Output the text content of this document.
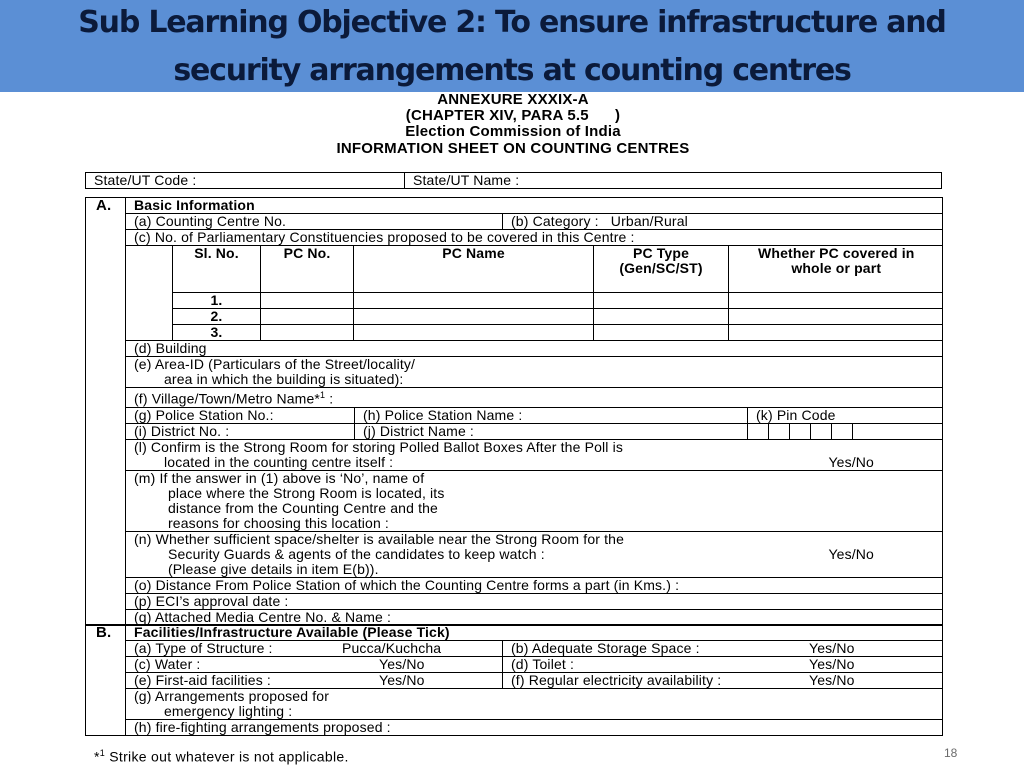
Sub Learning Objective 2: To ensure infrastructure and
security arrangements at counting centres
ANNEXURE XXXIX-A
(CHAPTER XIV, PARA 5.5      )
Election Commission of India
INFORMATION SHEET ON COUNTING CENTRES
State/UT Code :	State/UT Name :
A.	Basic Information

(a) Counting Centre No.	(b) Category :   Urban/Rural

(c) No. of Parliamentary Constituencies proposed to be covered in this Centre :

Sl. No.	PC No.	PC Name	PC Type (Gen/SC/ST)	Whether PC covered in whole or part
1.				
2.				
3.				

(d) Building

(e) Area-ID (Particulars of the Street/locality/
area in which the building is situated):

(f) Village/Town/Metro Name*$^1$ :

(g) Police Station No.:	(h) Police Station Name :	(k) Pin Code

(i) District No. :	(j) District Name :						

(l) Confirm is the Strong Room for storing Polled Ballot Boxes After the Poll is
located in the counting centre itself :	Yes/No

(m) If the answer in (1) above is ‘No’, name of
place where the Strong Room is located, its
distance from the Counting Centre and the
reasons for choosing this location :

(n) Whether sufficient space/shelter is available near the Strong Room for the
Security Guards & agents of the candidates to keep watch :	Yes/No
(Please give details in item E(b)).

(o) Distance From Police Station of which the Counting Centre forms a part (in Kms.) :
(p) ECI’s approval date :
(q) Attached Media Centre No. & Name :
B.	Facilities/Infrastructure Available (Please Tick)

(a) Type of Structure :	Pucca/Kuchcha	(b) Adequate Storage Space :	Yes/No

(c) Water :	Yes/No	(d) Toilet :	Yes/No

(e) First-aid facilities :	Yes/No	(f) Regular electricity availability :	Yes/No

(g) Arrangements proposed for
emergency lighting :

(h) fire-fighting arrangements proposed :
*$^1$ Strike out whatever is not applicable.	18
